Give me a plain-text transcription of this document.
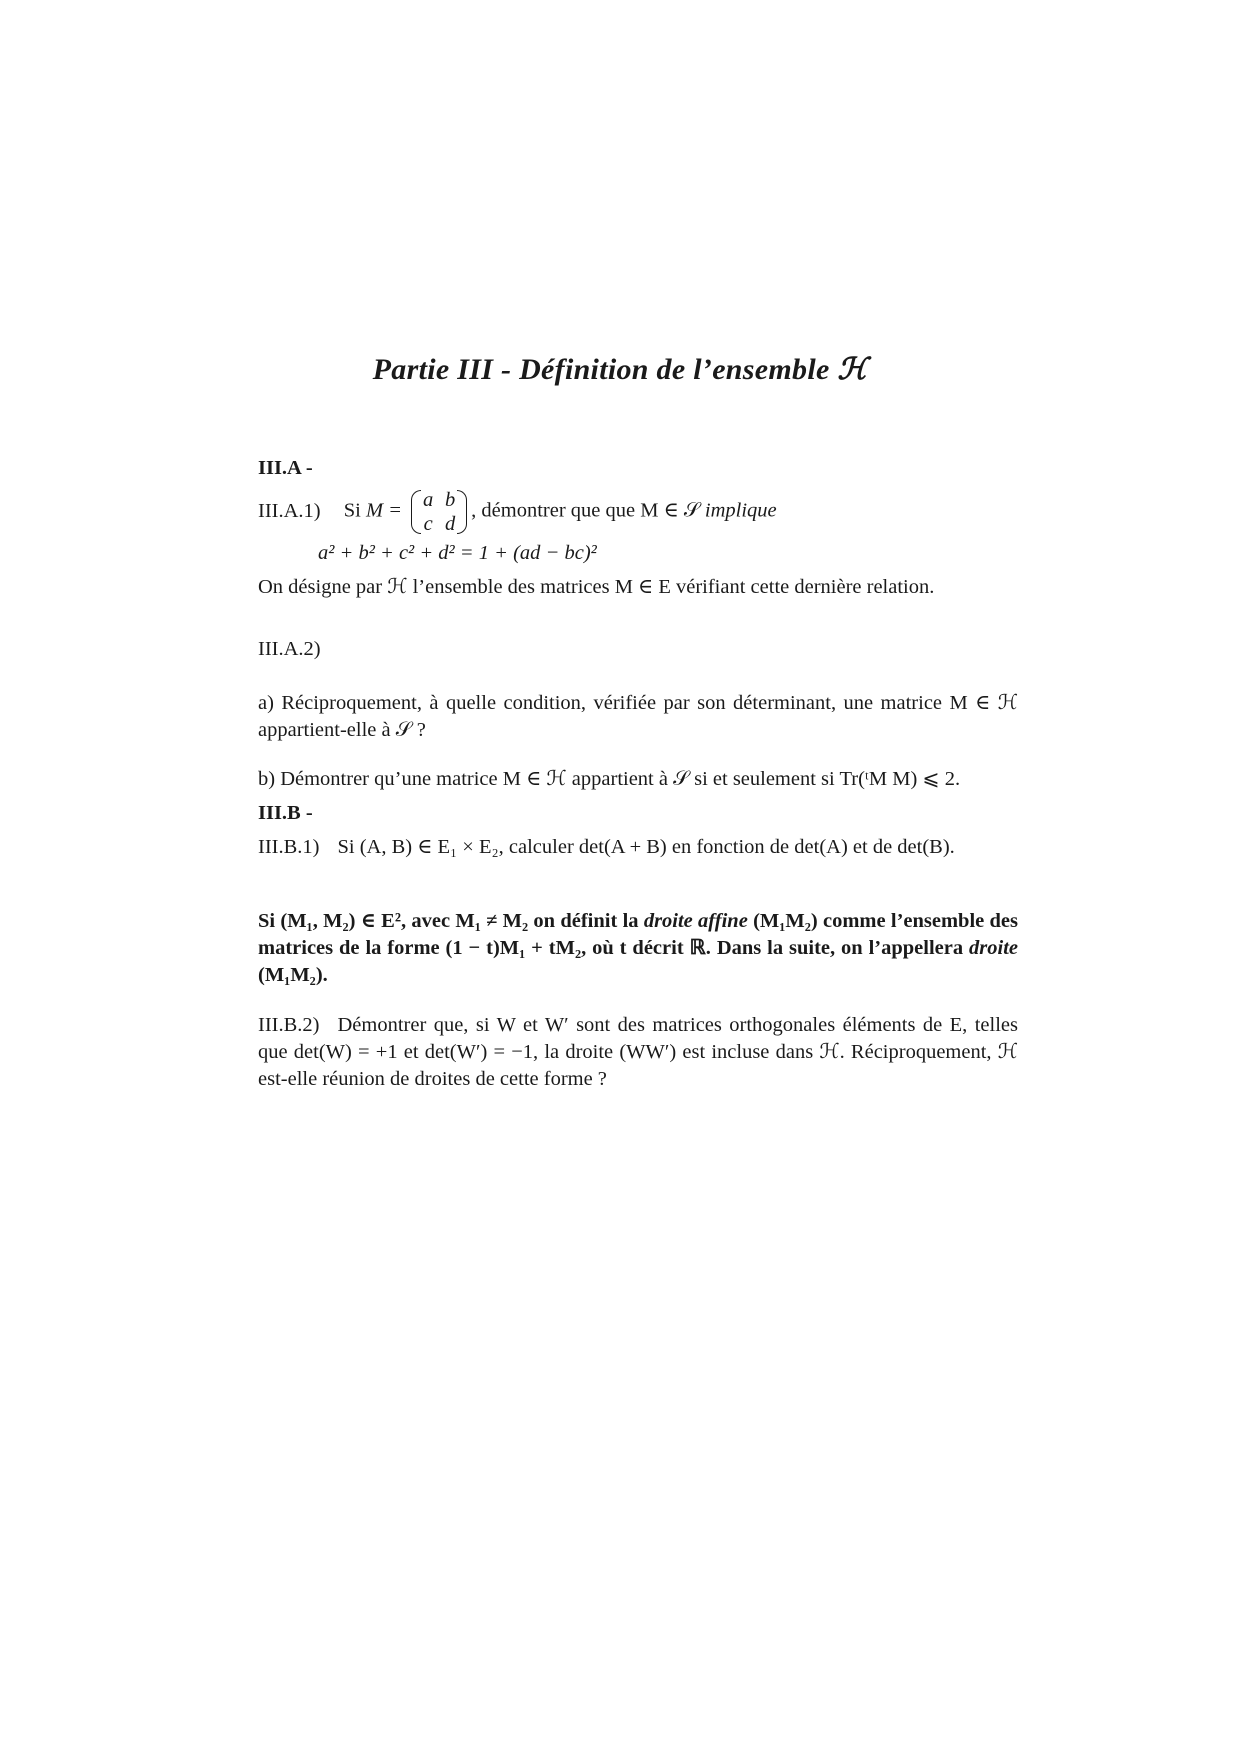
Partie III - Définition de l’ensemble ℋ
III.A -
III.A.1) Si M = a b
c d
, démontrer que que M ∈ 𝒮 implique
a² + b² + c² + d² = 1 + (ad − bc)²
On désigne par ℋ l’ensemble des matrices M ∈ E vérifiant cette dernière relation.
III.A.2)
a) Réciproquement, à quelle condition, vérifiée par son déterminant, une matrice M ∈ ℋ appartient-elle à 𝒮 ?
b) Démontrer qu’une matrice M ∈ ℋ appartient à 𝒮 si et seulement si Tr(ᵗM M) ⩽ 2.
III.B -
III.B.1) Si (A, B) ∈ E₁ × E₂, calculer det(A + B) en fonction de det(A) et de det(B).
Si (M₁, M₂) ∈ E², avec M₁ ≠ M₂ on définit la droite affine (M₁M₂) comme l’ensemble des matrices de la forme (1 − t)M₁ + tM₂, où t décrit ℝ. Dans la suite, on l’appellera droite (M₁M₂).
III.B.2) Démontrer que, si W et W′ sont des matrices orthogonales éléments de E, telles que det(W) = +1 et det(W′) = −1, la droite (WW′) est incluse dans ℋ. Réciproquement, ℋ est-elle réunion de droites de cette forme ?
